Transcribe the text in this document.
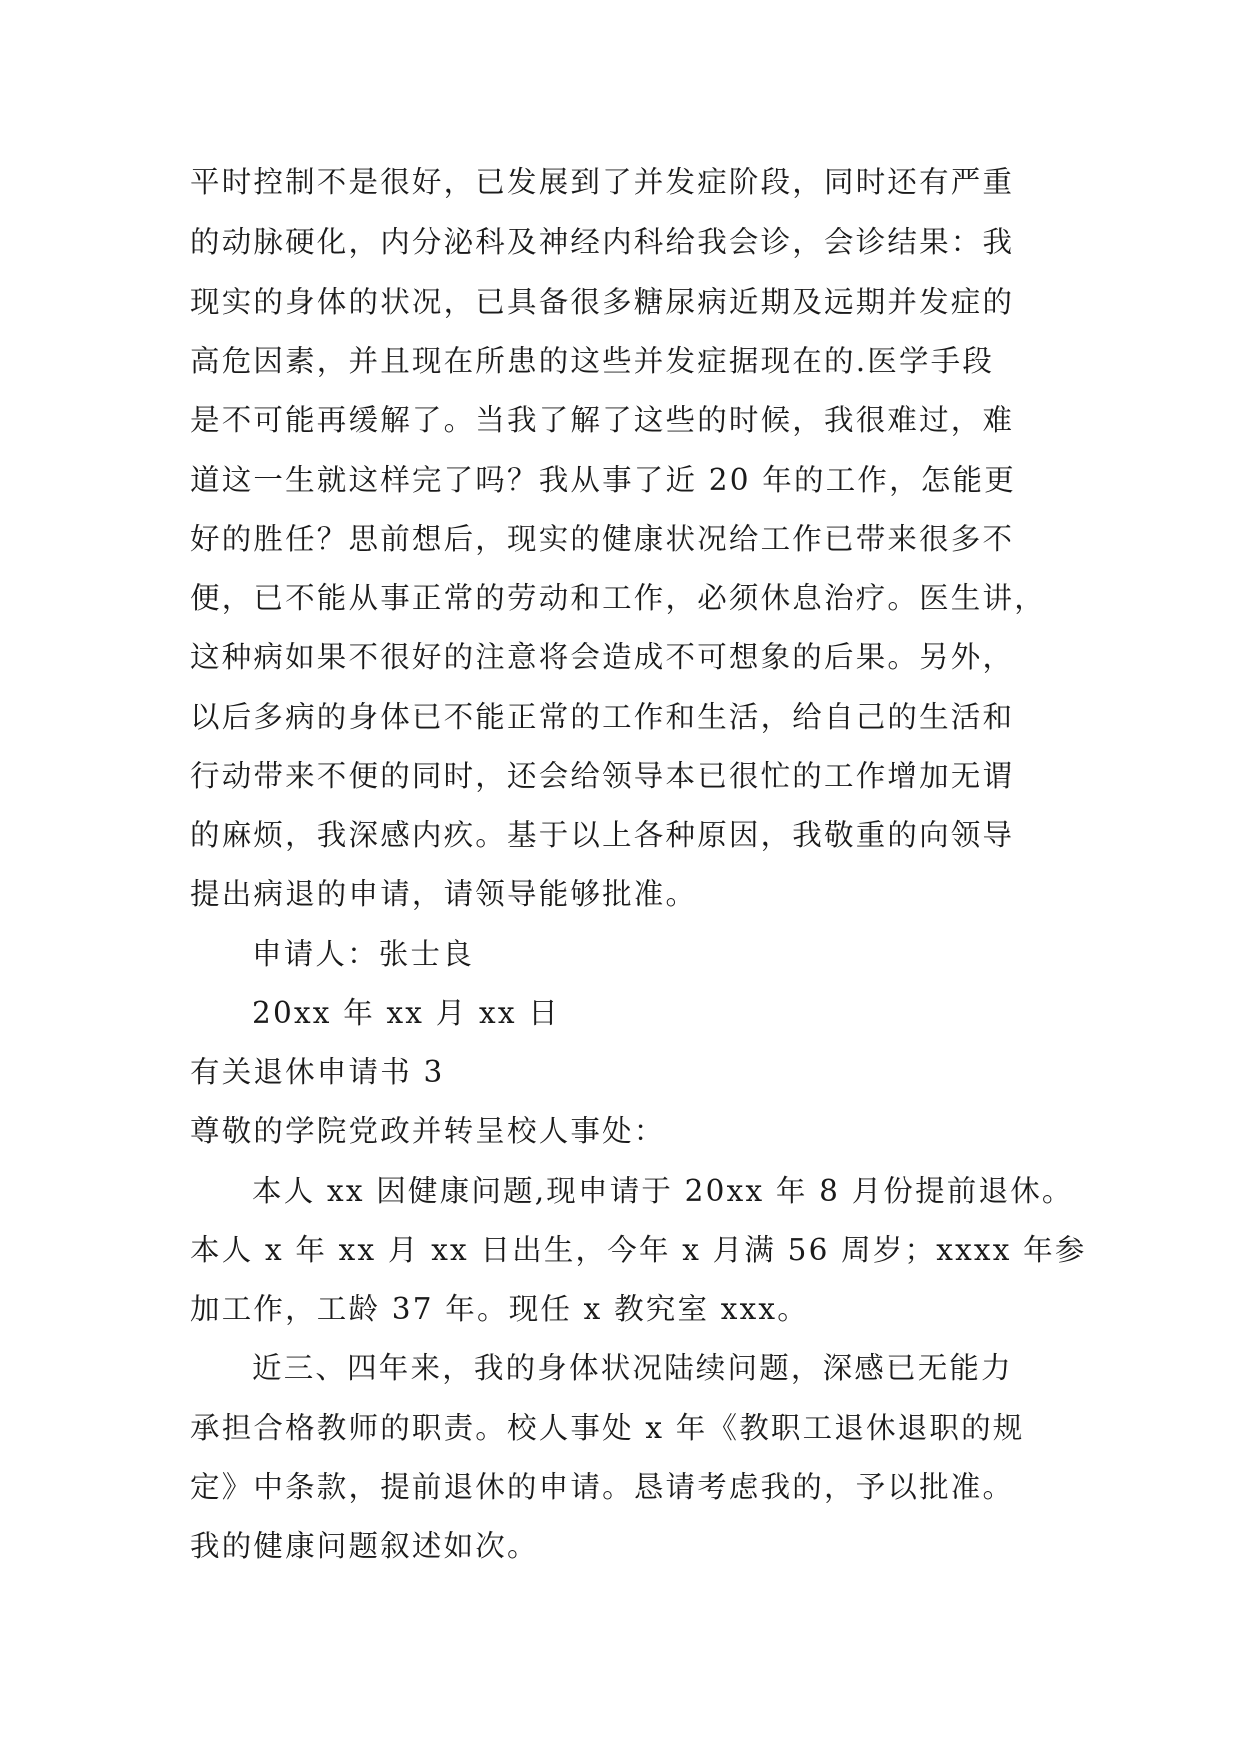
平时控制不是很好，已发展到了并发症阶段，同时还有严重
的动脉硬化，内分泌科及神经内科给我会诊，会诊结果：我
现实的身体的状况，已具备很多糖尿病近期及远期并发症的
高危因素，并且现在所患的这些并发症据现在的.医学手段
是不可能再缓解了。当我了解了这些的时候，我很难过，难
道这一生就这样完了吗？我从事了近 20 年的工作，怎能更
好的胜任？思前想后，现实的健康状况给工作已带来很多不
便，已不能从事正常的劳动和工作，必须休息治疗。医生讲，
这种病如果不很好的注意将会造成不可想象的后果。另外，
以后多病的身体已不能正常的工作和生活，给自己的生活和
行动带来不便的同时，还会给领导本已很忙的工作增加无谓
的麻烦，我深感内疚。基于以上各种原因，我敬重的向领导
提出病退的申请，请领导能够批准。
申请人：张士良
20xx 年 xx 月 xx 日
有关退休申请书 3
尊敬的学院党政并转呈校人事处：
本人 xx 因健康问题,现申请于 20xx 年 8 月份提前退休。
本人 x 年 xx 月 xx 日出生，今年 x 月满 56 周岁；xxxx 年参
加工作，工龄 37 年。现任 x 教究室 xxx。
近三、四年来，我的身体状况陆续问题，深感已无能力
承担合格教师的职责。校人事处 x 年《教职工退休退职的规
定》中条款，提前退休的申请。恳请考虑我的，予以批准。
我的健康问题叙述如次。
